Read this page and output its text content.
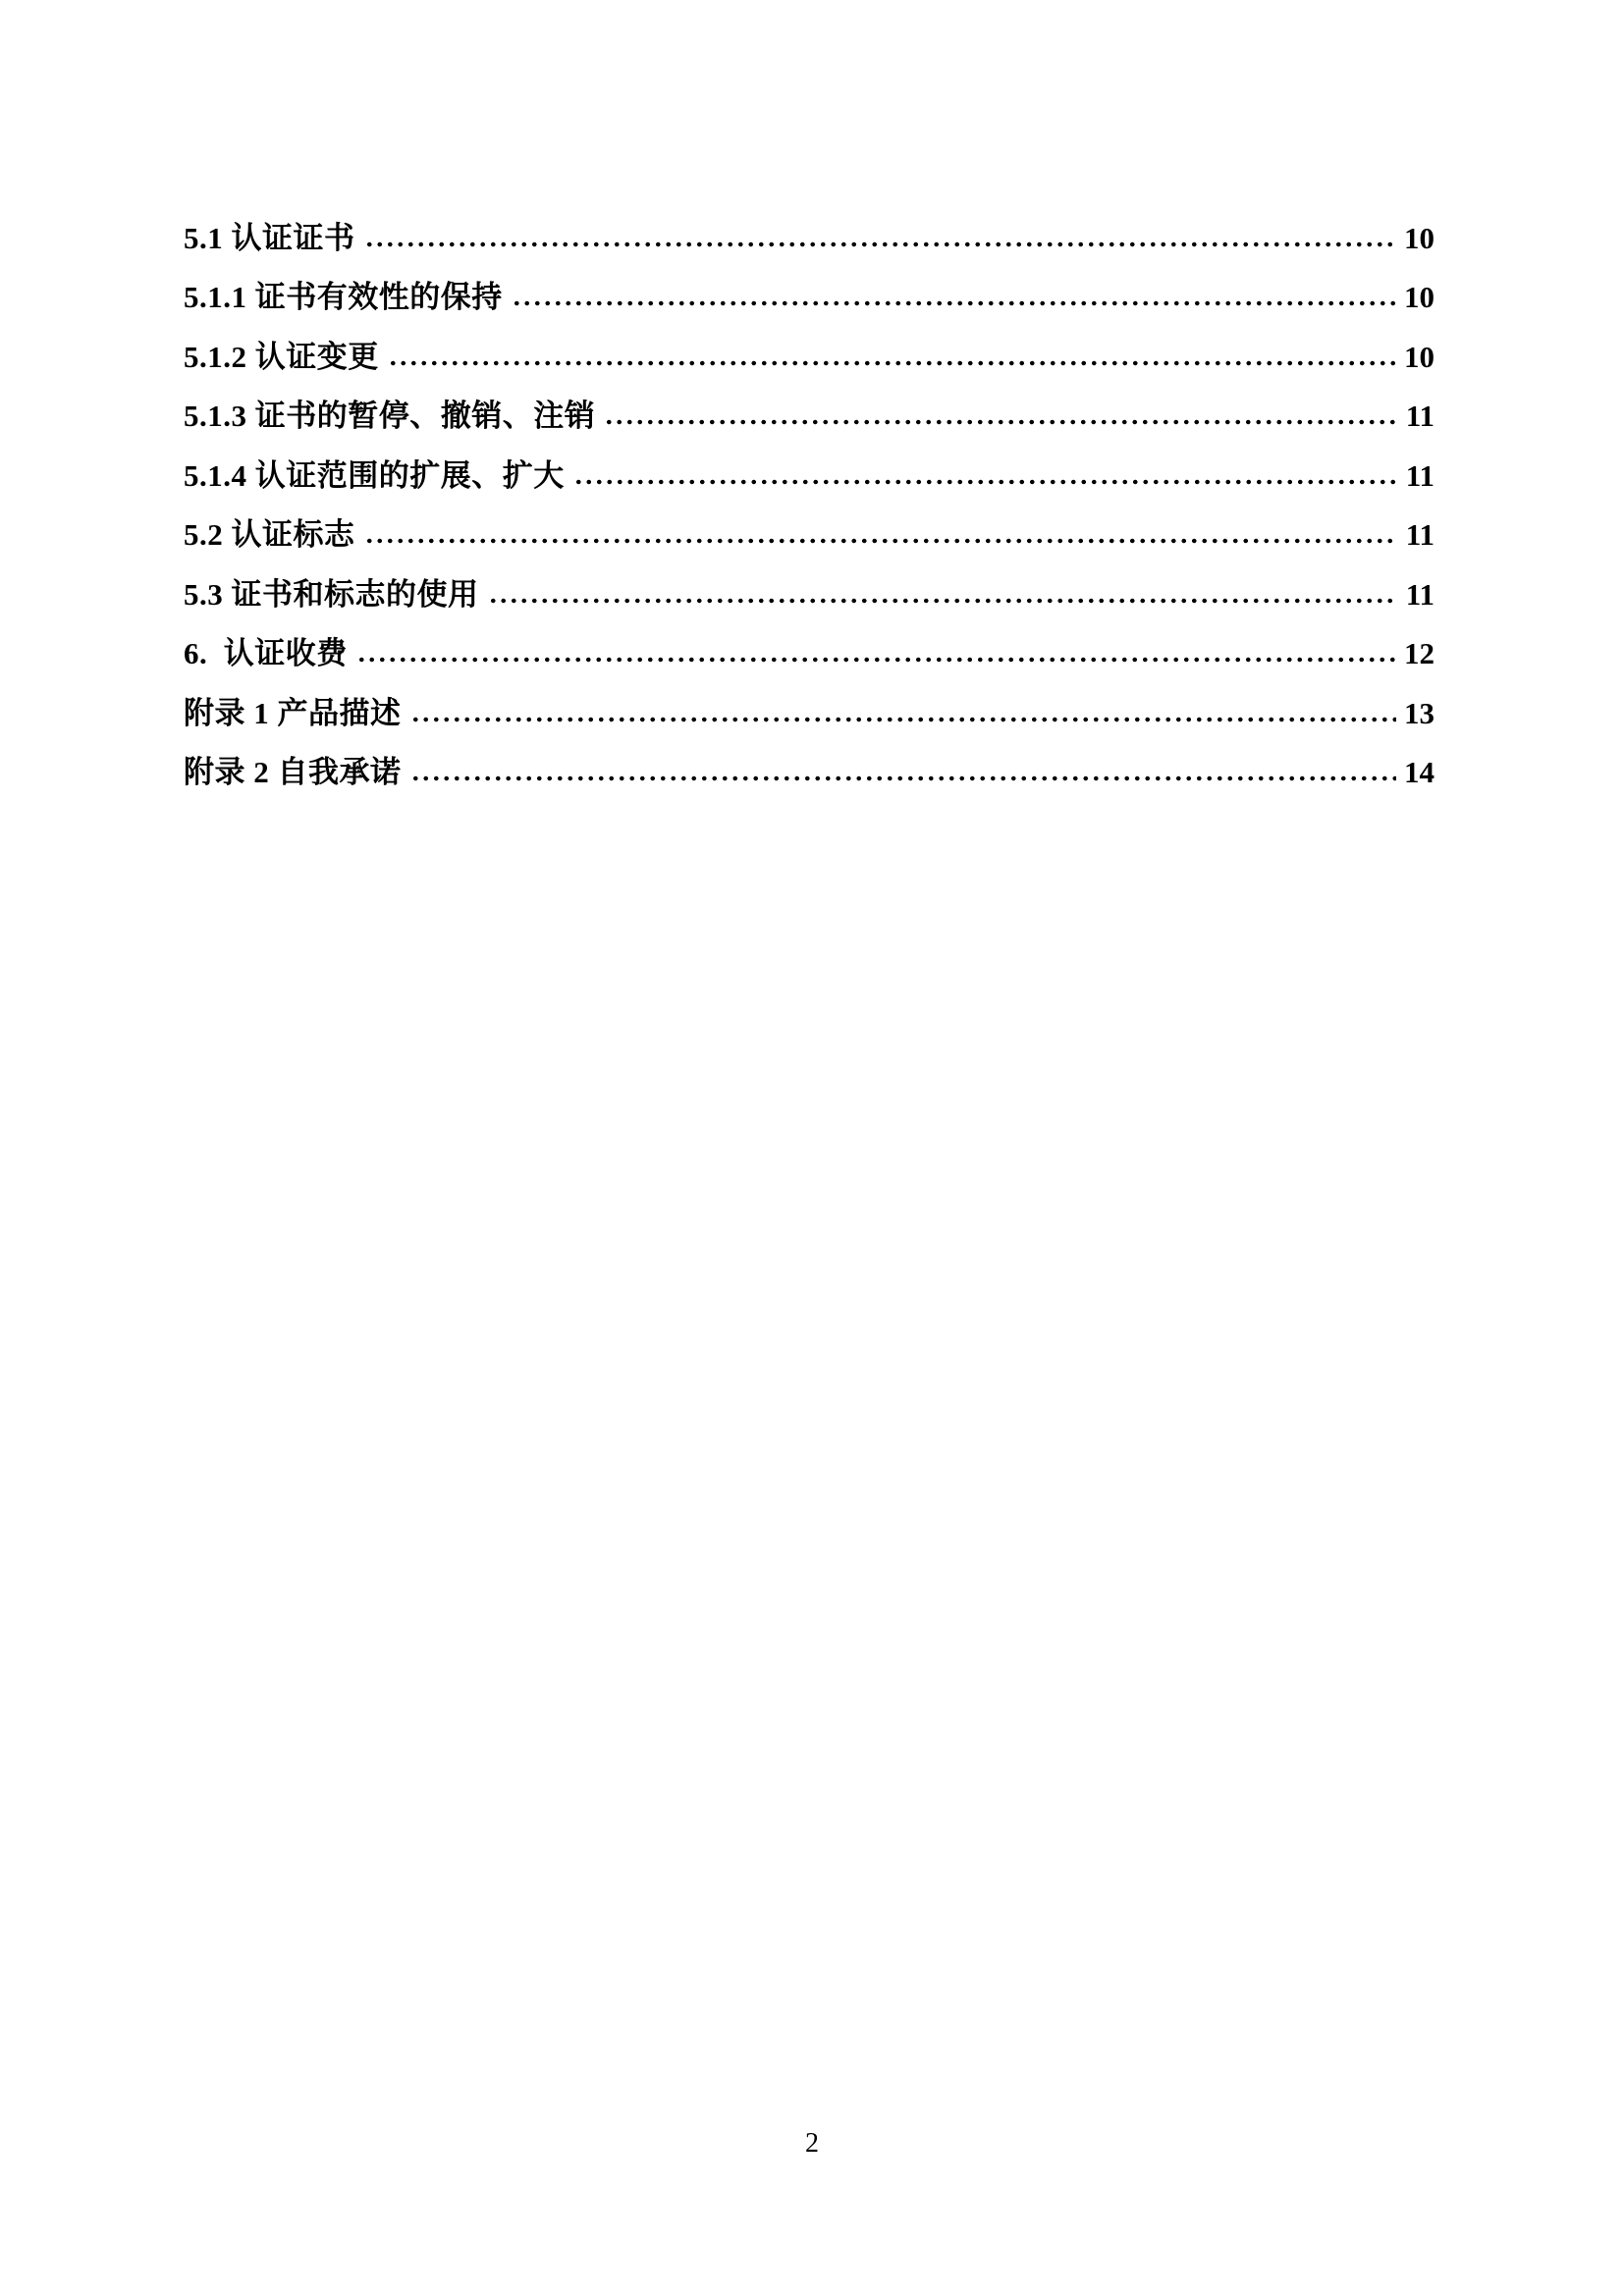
5.1 认证证书	10
5.1.1 证书有效性的保持	10
5.1.2 认证变更	10
5.1.3 证书的暂停、撤销、注销	11
5.1.4 认证范围的扩展、扩大	11
5.2 认证标志	11
5.3 证书和标志的使用	11
6.  认证收费	12
附录 1 产品描述	13
附录 2 自我承诺	14
2
